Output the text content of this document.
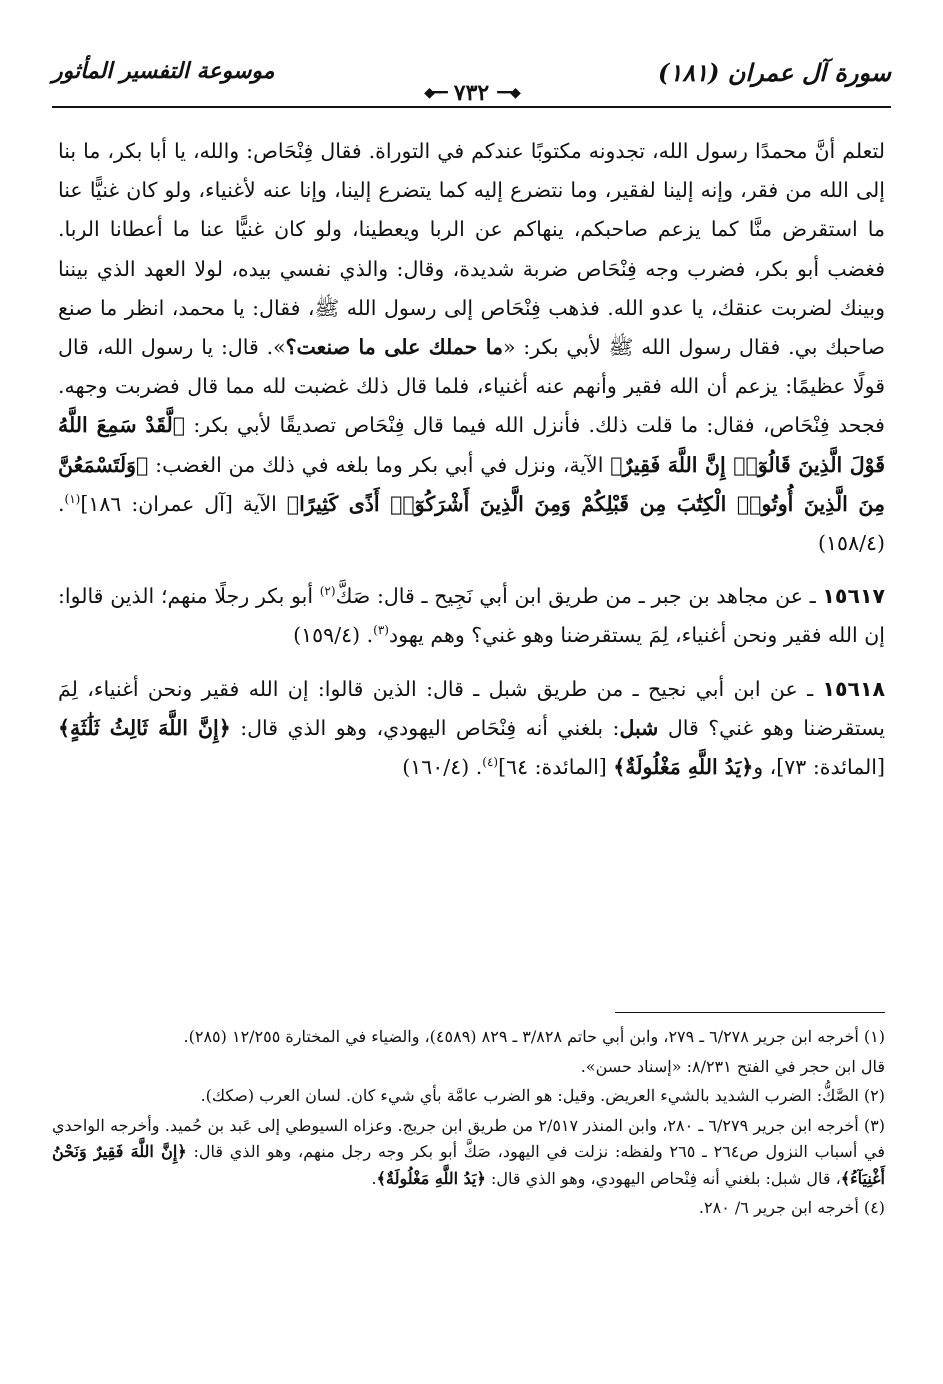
سورة آل عمران (١٨١)
◆━━
٧٣٢
━━◆
موسوعة التفسير المأثور

لتعلم أنَّ محمدًا رسول الله، تجدونه مكتوبًا عندكم في التوراة. فقال فِنْحَاص: والله، يا أبا بكر، ما بنا إلى الله من فقر، وإنه إلينا لفقير، وما نتضرع إليه كما يتضرع إلينا، وإنا عنه لأغنياء، ولو كان غنيًّا عنا ما استقرض منَّا كما يزعم صاحبكم، ينهاكم عن الربا ويعطينا، ولو كان غنيًّا عنا ما أعطانا الربا. فغضب أبو بكر، فضرب وجه فِنْحَاص ضربة شديدة، وقال: والذي نفسي بيده، لولا العهد الذي بيننا وبينك لضربت عنقك، يا عدو الله. فذهب فِنْحَاص إلى رسول الله ﷺ، فقال: يا محمد، انظر ما صنع صاحبك بي. فقال رسول الله ﷺ لأبي بكر: «ما حملك على ما صنعت؟». قال: يا رسول الله، قال قولًا عظيمًا: يزعم أن الله فقير وأنهم عنه أغنياء، فلما قال ذلك غضبت لله مما قال فضربت وجهه. فجحد فِنْحَاص، فقال: ما قلت ذلك. فأنزل الله فيما قال فِنْحَاص تصديقًا لأبي بكر: ﴿لَّقَدْ سَمِعَ اللَّهُ قَوْلَ الَّذِينَ قَالُوٓا۟ إِنَّ اللَّهَ فَقِيرٌ﴾ الآية، ونزل في أبي بكر وما بلغه في ذلك من الغضب: ﴿وَلَتَسْمَعُنَّ مِنَ الَّذِينَ أُوتُوا۟ الْكِتَٰبَ مِن قَبْلِكُمْ وَمِنَ الَّذِينَ أَشْرَكُوٓا۟ أَذًى كَثِيرًا﴾ الآية [آل عمران: ١٨٦]$^{(١)}$. (١٥٨/٤)

١٥٦١٧ ـ عن مجاهد بن جبر ـ من طريق ابن أبي نَجِيح ـ قال: صَكَّ$^{(٢)}$ أبو بكر رجلًا منهم؛ الذين قالوا: إن الله فقير ونحن أغنياء، لِمَ يستقرضنا وهو غني؟ وهم يهود$^{(٣)}$. (١٥٩/٤)

١٥٦١٨ ـ عن ابن أبي نجيح ـ من طريق شبل ـ قال: الذين قالوا: إن الله فقير ونحن أغنياء، لِمَ يستقرضنا وهو غني؟ قال شبل: بلغني أنه فِنْحَاص اليهودي، وهو الذي قال: ﴿إِنَّ اللَّهَ ثَالِثُ ثَلَٰثَةٍ﴾ [المائدة: ٧٣]، و﴿يَدُ اللَّهِ مَغْلُولَةٌ﴾ [المائدة: ٦٤]$^{(٤)}$. (١٦٠/٤)

(١) أخرجه ابن جرير ٦/٢٧٨ ـ ٢٧٩، وابن أبي حاتم ٣/٨٢٨ ـ ٨٢٩ (٤٥٨٩)، والضياء في المختارة ١٢/٢٥٥ (٢٨٥).

قال ابن حجر في الفتح ٨/٢٣١: «إسناد حسن».

(٢) الصَّكُّ: الضرب الشديد بالشيء العريض. وقيل: هو الضرب عامَّة بأي شيء كان. لسان العرب (صكك).

(٣) أخرجه ابن جرير ٦/٢٧٩ ـ ٢٨٠، وابن المنذر ٢/٥١٧ من طريق ابن جريج. وعزاه السيوطي إلى عَبد بن حُميد. وأخرجه الواحدي في أسباب النزول ص٢٦٤ ـ ٢٦٥ ولفظه: نزلت في اليهود، صَكَّ أبو بكر وجه رجل منهم، وهو الذي قال: ﴿إِنَّ اللَّهَ فَقِيرٌ وَنَحْنُ أَغْنِيَآءُ﴾، قال شبل: بلغني أنه فِنْحاص اليهودي، وهو الذي قال: ﴿يَدُ اللَّهِ مَغْلُولَةٌ﴾.

(٤) أخرجه ابن جرير ٦/ ٢٨٠.
